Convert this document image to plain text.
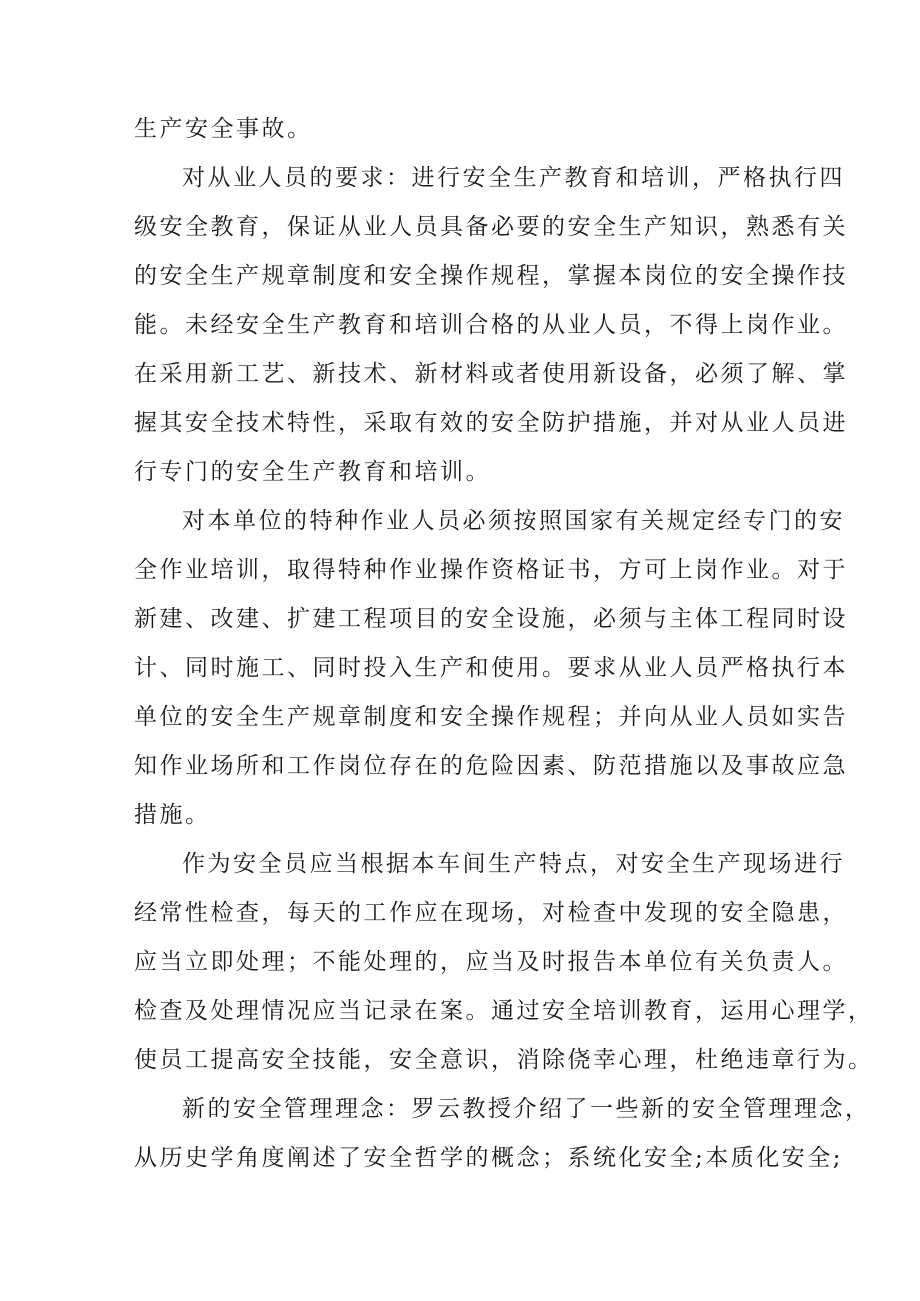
生产安全事故。
对从业人员的要求：进行安全生产教育和培训，严格执行四
级安全教育，保证从业人员具备必要的安全生产知识，熟悉有关
的安全生产规章制度和安全操作规程，掌握本岗位的安全操作技
能。未经安全生产教育和培训合格的从业人员，不得上岗作业。
在采用新工艺、新技术、新材料或者使用新设备，必须了解、掌
握其安全技术特性，采取有效的安全防护措施，并对从业人员进
行专门的安全生产教育和培训。
对本单位的特种作业人员必须按照国家有关规定经专门的安
全作业培训，取得特种作业操作资格证书，方可上岗作业。对于
新建、改建、扩建工程项目的安全设施，必须与主体工程同时设
计、同时施工、同时投入生产和使用。要求从业人员严格执行本
单位的安全生产规章制度和安全操作规程；并向从业人员如实告
知作业场所和工作岗位存在的危险因素、防范措施以及事故应急
措施。
作为安全员应当根据本车间生产特点，对安全生产现场进行
经常性检查，每天的工作应在现场，对检查中发现的安全隐患，
应当立即处理；不能处理的，应当及时报告本单位有关负责人。
检查及处理情况应当记录在案。通过安全培训教育，运用心理学，
使员工提高安全技能，安全意识，消除侥幸心理，杜绝违章行为。
新的安全管理理念：罗云教授介绍了一些新的安全管理理念，
从历史学角度阐述了安全哲学的概念；系统化安全;本质化安全;
